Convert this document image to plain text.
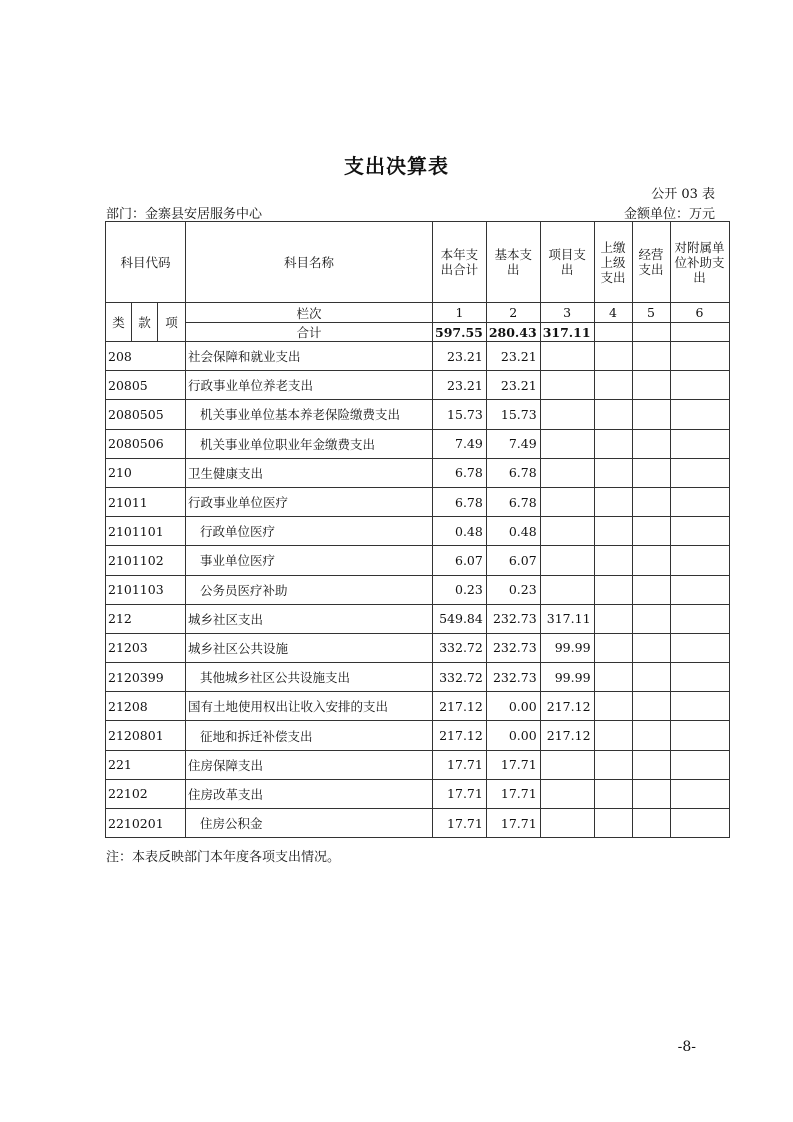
支出决算表
公开 03 表
部门：金寨县安居服务中心	金额单位：万元
科目代码			科目名称	本年支出合计	基本支出	项目支出	上缴上级支出	经营支出	对附属单位补助支出
类	款	项	栏次	1	2	3	4	5	6
			合计	597.55	280.43	317.11			
208			社会保障和就业支出	23.21	23.21				
20805			行政事业单位养老支出	23.21	23.21				
2080505			机关事业单位基本养老保险缴费支出	15.73	15.73				
2080506			机关事业单位职业年金缴费支出	7.49	7.49				
210			卫生健康支出	6.78	6.78				
21011			行政事业单位医疗	6.78	6.78				
2101101			行政单位医疗	0.48	0.48				
2101102			事业单位医疗	6.07	6.07				
2101103			公务员医疗补助	0.23	0.23				
212			城乡社区支出	549.84	232.73	317.11			
21203			城乡社区公共设施	332.72	232.73	99.99			
2120399			其他城乡社区公共设施支出	332.72	232.73	99.99			
21208			国有土地使用权出让收入安排的支出	217.12	0.00	217.12			
2120801			征地和拆迁补偿支出	217.12	0.00	217.12			
221			住房保障支出	17.71	17.71				
22102			住房改革支出	17.71	17.71				
2210201			住房公积金	17.71	17.71				
注：本表反映部门本年度各项支出情况。
-8-
